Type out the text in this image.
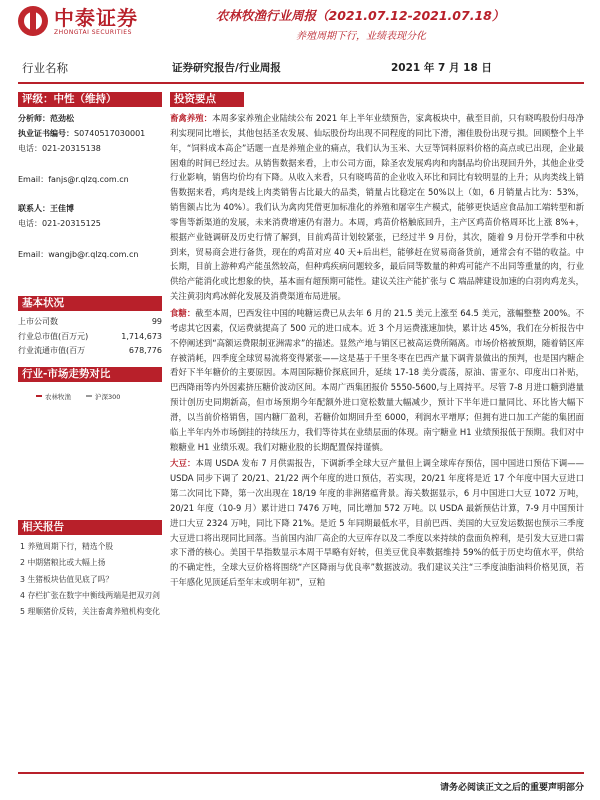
中泰证券
ZHONGTAI SECURITIES
农林牧渔行业周报（2021.07.12-2021.07.18）
养殖周期下行，业绩表现分化
行业名称	证券研究报告/行业周报	2021 年 7 月 18 日
评级：中性（维持）
分析师：范劲松
执业证书编号：S0740517030001
电话：021-20315138
Email：fanjs@r.qlzq.com.cn
联系人：王佳博
电话：021-20315125
Email：wangjb@r.qlzq.com.cn
基本状况
上市公司数	99
行业总市值(百万元)	1,714,673
行业流通市值(百万	678,776
行业-市场走势对比
农林牧渔	沪深300
相关报告
1 养殖周期下行，精选个股
2 中期猪粮比或大幅上扬
3 生猪板块估值见底了吗？
4 存栏扩张在数字中衡线两端是把双刃剑
5 理顺猪价反转，关注畜禽养殖机构变化
投资要点
畜禽养殖：本周多家养殖企业陆续公布 2021 年上半年业绩预告，家禽板块中，截至目前，只有晓鸣股份归母净利实现同比增长，其他包括圣农发展、仙坛股份均出现不同程度的同比下滑，湘佳股份出现亏损。回顾整个上半年，“饲料成本高企”话题一直是养殖企业的痛点，我们认为玉米、大豆等饲料原料价格的高点或已出现，企业最困难的时间已经过去。从销售数据来看，上市公司方面，除圣农发展鸡肉和肉制品均价出现回升外，其他企业受行业影响，销售均价均有下降。从收入来看，只有晓鸣苗的企业收入环比和同比有较明显的上升；从肉类线上销售数据来看，鸡肉是线上肉类销售占比最大的品类，销量占比稳定在 50%以上（如，6 月销量占比为：53%，销售额占比为 40%）。我们认为禽肉凭借更加标准化的养殖和屠宰生产模式，能够更快适应食品加工端转型和新零售等新渠道的发展，未来消费增速仍有潜力。本周，鸡苗价格触底回升，主产区鸡苗价格周环比上涨 8%+，根据产业链调研及历史行情了解到，目前鸡苗计划较紧张，已经过半 9 月份，其次，随着 9 月份开学季和中秋到来，贸易商会进行备货，现在的鸡苗对应 40 天+后出栏，能够赶在贸易商备货前，通常会有不错的收益。中长期，目前上游种鸡产能虽然较高，但种鸡疾病问题较多，最后同等数量的种鸡可能产不出同等重量的肉，行业供给产能消化或比想象的快，基本面有超预期可能性。建议关注产能扩张与 C 端品牌建设加速的白羽肉鸡龙头，关注黄羽肉鸡冰鲜化发展及消费渠道布局进展。
食糖：截至本周，巴西发往中国的吨糖运费已从去年 6 月的 21.5 美元上涨至 64.5 美元，涨幅整整 200%。不考虑其它因素，仅运费就提高了 500 元的进口成本。近 3 个月运费涨速加快，累计达 45%，我们在分析报告中不停阐述到“高额运费限制亚洲需求”的描述。显然产地与销区已被高运费所隔离。市场价格被预期，随着销区库存被消耗，四季度全球贸易流将变得紧张——这是基于千里冬枣在巴西产量下调背景做出的预判，也是国内糖企看好下半年糖价的主要原因。本周国际糖价探底回升，延续 17-18 美分震荡，原油、雷亚尔、印度出口补贴，巴西降雨等内外因素挤压糖价波动区间。本周广西集团报价 5550-5600,与上周持平。尽管 7-8 月进口糖到港量预计创历史同期新高，但市场预期今年配额外进口宽松数量大幅减少，预计下半年进口量同比、环比皆大幅下滑，以当前价格销售，国内糖厂盈利，若糖价如期回升至 6000，利润水平增厚；但拥有进口加工产能的集团面临上半年内外市场倒挂的持续压力，我们等待其在业绩层面的体现。南宁糖业 H1 业绩预报低于预期。我们对中粮糖业 H1 业绩乐观。我们对糖业股的长期配置保持谨慎。
大豆：本周 USDA 发布 7 月供需报告，下调新季全球大豆产量但上调全球库存预估，国中国进口预估下调——USDA 同步下调了 20/21、21/22 两个年度的进口预估，若实现，20/21 年度将是近 17 个年度中国大豆进口第二次同比下降，第一次出现在 18/19 年度的非洲猪瘟背景。海关数据显示，6 月中国进口大豆 1072 万吨，20/21 年度（10-9 月）累计进口 7476 万吨，同比增加 572 万吨。以 USDA 最新预估计算，7-9 月中国预计进口大豆 2324 万吨，同比下降 21%。是近 5 年同期最低水平，目前巴西、美国的大豆发运数据也预示三季度大豆进口将出现同比回落。当前国内油厂高企的大豆库存以及二季度以来持续的盘面负榨利，是引发大豆进口需求下滑的核心。美国干旱指数显示本周干旱略有好转，但美豆优良率数据维持 59%的低于历史均值水平，供给的不确定性，全球大豆价格将围绕“产区降雨与优良率”数据波动。我们建议关注“三季度油脂油料价格见顶，若干年感化见顶延后至年末或明年初”，豆粕
请务必阅读正文之后的重要声明部分
